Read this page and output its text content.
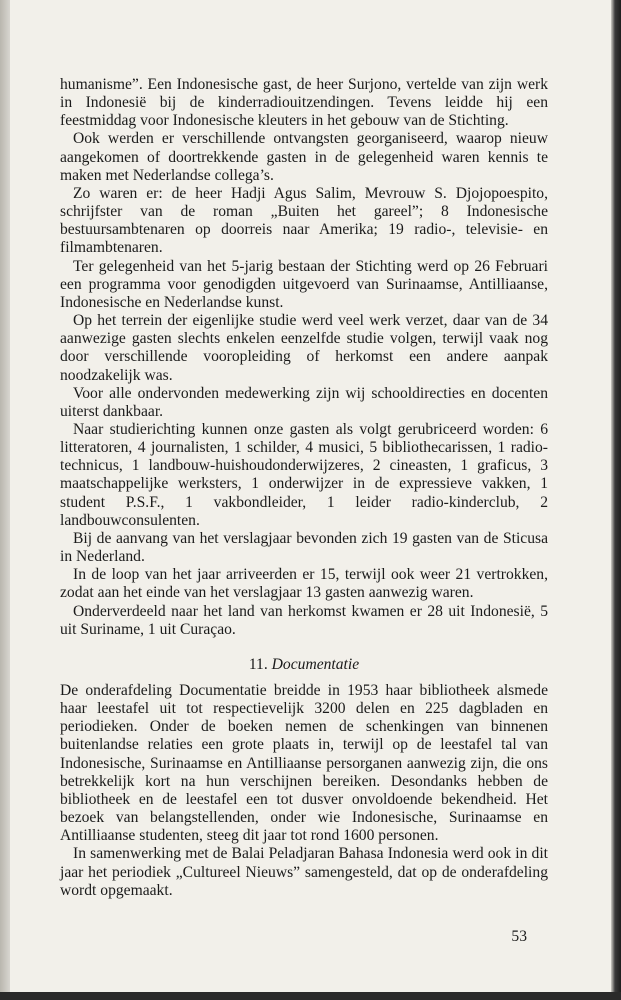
humanisme”. Een Indonesische gast, de heer Surjono, vertelde van zijn werk in Indonesië bij de kinderradiouitzendingen. Tevens leidde hij een feestmiddag voor Indonesische kleuters in het gebouw van de Stichting.

Ook werden er verschillende ontvangsten georganiseerd, waarop nieuw aangekomen of doortrekkende gasten in de gelegenheid waren kennis te maken met Nederlandse collega’s.

Zo waren er: de heer Hadji Agus Salim, Mevrouw S. Djojopoespito, schrijfster van de roman „Buiten het gareel”; 8 Indonesische bestuursambtenaren op doorreis naar Amerika; 19 radio-, televisie- en filmambtenaren.

Ter gelegenheid van het 5-jarig bestaan der Stichting werd op 26 Februari een programma voor genodigden uitgevoerd van Surinaamse, Antilliaanse, Indonesische en Nederlandse kunst.

Op het terrein der eigenlijke studie werd veel werk verzet, daar van de 34 aanwezige gasten slechts enkelen eenzelfde studie volgen, terwijl vaak nog door verschillende vooropleiding of herkomst een andere aanpak noodzakelijk was.

Voor alle ondervonden medewerking zijn wij schooldirecties en docenten uiterst dankbaar.

Naar studierichting kunnen onze gasten als volgt gerubriceerd worden: 6 litteratoren, 4 journalisten, 1 schilder, 4 musici, 5 bibliothecarissen, 1 radio-technicus, 1 landbouw-huishoudonderwijzeres, 2 cineasten, 1 graficus, 3 maatschappelijke werksters, 1 onderwijzer in de expressieve vakken, 1 student P.S.F., 1 vakbondleider, 1 leider radio-kinderclub, 2 landbouwconsulenten.

Bij de aanvang van het verslagjaar bevonden zich 19 gasten van de Sticusa in Nederland.

In de loop van het jaar arriveerden er 15, terwijl ook weer 21 vertrokken, zodat aan het einde van het verslagjaar 13 gasten aanwezig waren.

Onderverdeeld naar het land van herkomst kwamen er 28 uit Indonesië, 5 uit Suriname, 1 uit Curaçao.

11. Documentatie

De onderafdeling Documentatie breidde in 1953 haar bibliotheek alsmede haar leestafel uit tot respectievelijk 3200 delen en 225 dagbladen en periodieken. Onder de boeken nemen de schenkingen van binnenen buitenlandse relaties een grote plaats in, terwijl op de leestafel tal van Indonesische, Surinaamse en Antilliaanse persorganen aanwezig zijn, die ons betrekkelijk kort na hun verschijnen bereiken. Desondanks hebben de bibliotheek en de leestafel een tot dusver onvoldoende bekendheid. Het bezoek van belangstellenden, onder wie Indonesische, Surinaamse en Antilliaanse studenten, steeg dit jaar tot rond 1600 personen.

In samenwerking met de Balai Peladjaran Bahasa Indonesia werd ook in dit jaar het periodiek „Cultureel Nieuws” samengesteld, dat op de onderafdeling wordt opgemaakt.

53
